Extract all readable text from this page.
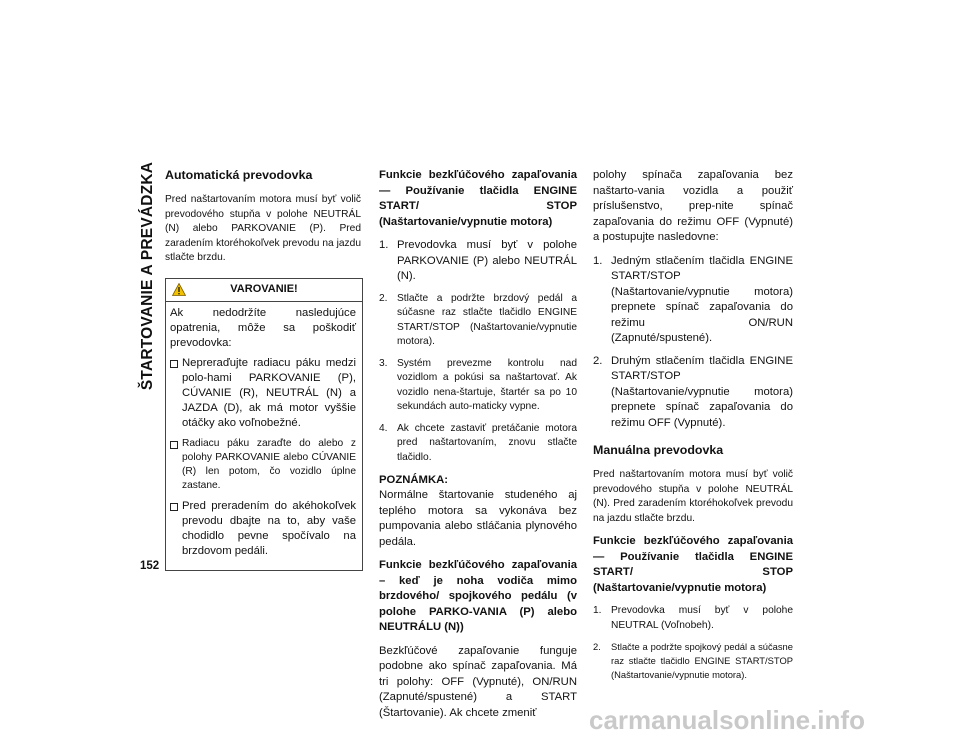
ŠTARTOVANIE A PREVÁDZKA Automatická prevodovka

Pred naštartovaním motora musí byť volič prevodového stupňa v polohe NEUTRÁL (N) alebo PARKOVANIE (P). Pred zaradením ktoréhokoľvek prevodu na jazdu stlačte brzdu.

VAROVANIE!

Ak nedodržíte nasledujúce opatrenia, môže sa poškodiť prevodovka:

Nepreraďujte radiacu páku medzi polo-hami PARKOVANIE (P), CÚVANIE (R), NEUTRÁL (N) a JAZDA (D), ak má motor vyššie otáčky ako voľnobežné.
Radiacu páku zaraďte do alebo z polohy PARKOVANIE alebo CÚVANIE (R) len potom, čo vozidlo úplne zastane.
Pred preradením do akéhokoľvek prevodu dbajte na to, aby vaše chodidlo pevne spočívalo na brzdovom pedáli.

Funkcie bezkľúčového zapaľovania — Používanie tlačidla ENGINE START/ STOP (Naštartovanie/vypnutie motora)

1. Prevodovka musí byť v polohe PARKOVANIE (P) alebo NEUTRÁL (N).
2. Stlačte a podržte brzdový pedál a súčasne raz stlačte tlačidlo ENGINE START/STOP (Naštartovanie/vypnutie motora).
3. Systém prevezme kontrolu nad vozidlom a pokúsi sa naštartovať. Ak vozidlo nena-štartuje, štartér sa po 10 sekundách auto-maticky vypne.
4. Ak chcete zastaviť pretáčanie motora pred naštartovaním, znovu stlačte tlačidlo.
POZNÁMKA:

Normálne štartovanie studeného aj teplého motora sa vykonáva bez pumpovania alebo stláčania plynového pedála.

Funkcie bezkľúčového zapaľovania – keď je noha vodiča mimo brzdového/ spojkového pedálu (v polohe PARKO-VANIA (P) alebo NEUTRÁLU (N))

Bezkľúčové zapaľovanie funguje podobne ako spínač zapaľovania. Má tri polohy: OFF (Vypnuté), ON/RUN (Zapnuté/spustené) a START (Štartovanie). Ak chcete zmeniť

polohy spínača zapaľovania bez naštarto-vania vozidla a použiť príslušenstvo, prep-nite spínač zapaľovania do režimu OFF (Vypnuté) a postupujte nasledovne:

1. Jedným stlačením tlačidla ENGINE START/STOP (Naštartovanie/vypnutie motora) prepnete spínač zapaľovania do režimu ON/RUN (Zapnuté/spustené).
2. Druhým stlačením tlačidla ENGINE START/STOP (Naštartovanie/vypnutie motora) prepnete spínač zapaľovania do režimu OFF (Vypnuté).
Manuálna prevodovka

Pred naštartovaním motora musí byť volič prevodového stupňa v polohe NEUTRÁL (N). Pred zaradením ktoréhokoľvek prevodu na jazdu stlačte brzdu.

Funkcie bezkľúčového zapaľovania — Používanie tlačidla ENGINE START/ STOP (Naštartovanie/vypnutie motora)

1. Prevodovka musí byť v polohe NEUTRAL (Voľnobeh).
2.	Stlačte a podržte spojkový pedál a súčasne raz stlačte tlačidlo ENGINE START/STOP (Naštartovanie/vypnutie motora).
152
carmanualsonline.info
